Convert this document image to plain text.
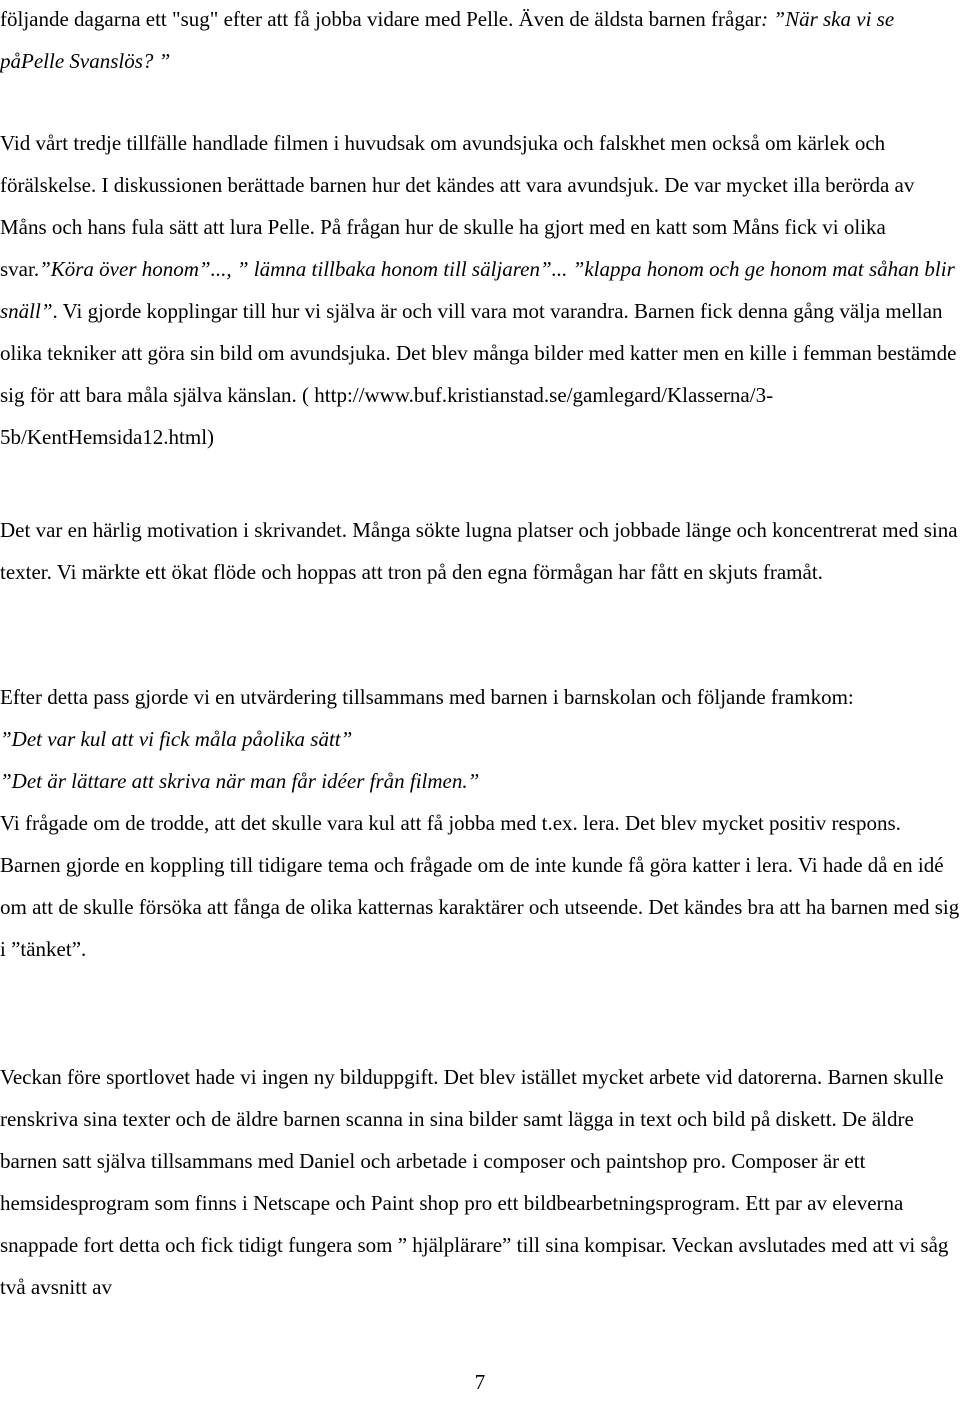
följande dagarna ett "sug" efter att få jobba vidare med Pelle. Även de äldsta barnen frågar: ”När ska vi se påPelle Svanslös? ”

Vid vårt tredje tillfälle handlade filmen i huvudsak om avundsjuka och falskhet men också om kärlek och förälskelse. I diskussionen berättade barnen hur det kändes att vara avundsjuk. De var mycket illa berörda av Måns och hans fula sätt att lura Pelle. På frågan hur de skulle ha gjort med en katt som Måns fick vi olika svar.”Köra över honom”..., ” lämna tillbaka honom till säljaren”... ”klappa honom och ge honom mat såhan blir snäll”. Vi gjorde kopplingar till hur vi själva är och vill vara mot varandra. Barnen fick denna gång välja mellan olika tekniker att göra sin bild om avundsjuka. Det blev många bilder med katter men en kille i femman bestämde sig för att bara måla själva känslan. ( http://www.buf.kristianstad.se/gamlegard/Klasserna/3-5b/KentHemsida12.html)

Det var en härlig motivation i skrivandet. Många sökte lugna platser och jobbade länge och koncentrerat med sina texter. Vi märkte ett ökat flöde och hoppas att tron på den egna förmågan har fått en skjuts framåt.

Efter detta pass gjorde vi en utvärdering tillsammans med barnen i barnskolan och följande framkom:
”Det var kul att vi fick måla påolika sätt”
”Det är lättare att skriva när man får idéer från filmen.”
Vi frågade om de trodde, att det skulle vara kul att få jobba med t.ex. lera. Det blev mycket positiv respons. Barnen gjorde en koppling till tidigare tema och frågade om de inte kunde få göra katter i lera. Vi hade då en idé om att de skulle försöka att fånga de olika katternas karaktärer och utseende. Det kändes bra att ha barnen med sig i ”tänket”.

Veckan före sportlovet hade vi ingen ny bilduppgift. Det blev istället mycket arbete vid datorerna. Barnen skulle renskriva sina texter och de äldre barnen scanna in sina bilder samt lägga in text och bild på diskett. De äldre barnen satt själva tillsammans med Daniel och arbetade i composer och paintshop pro. Composer är ett hemsidesprogram som finns i Netscape och Paint shop pro ett bildbearbetningsprogram. Ett par av eleverna snappade fort detta och fick tidigt fungera som ” hjälplärare” till sina kompisar. Veckan avslutades med att vi såg två avsnitt av

7
